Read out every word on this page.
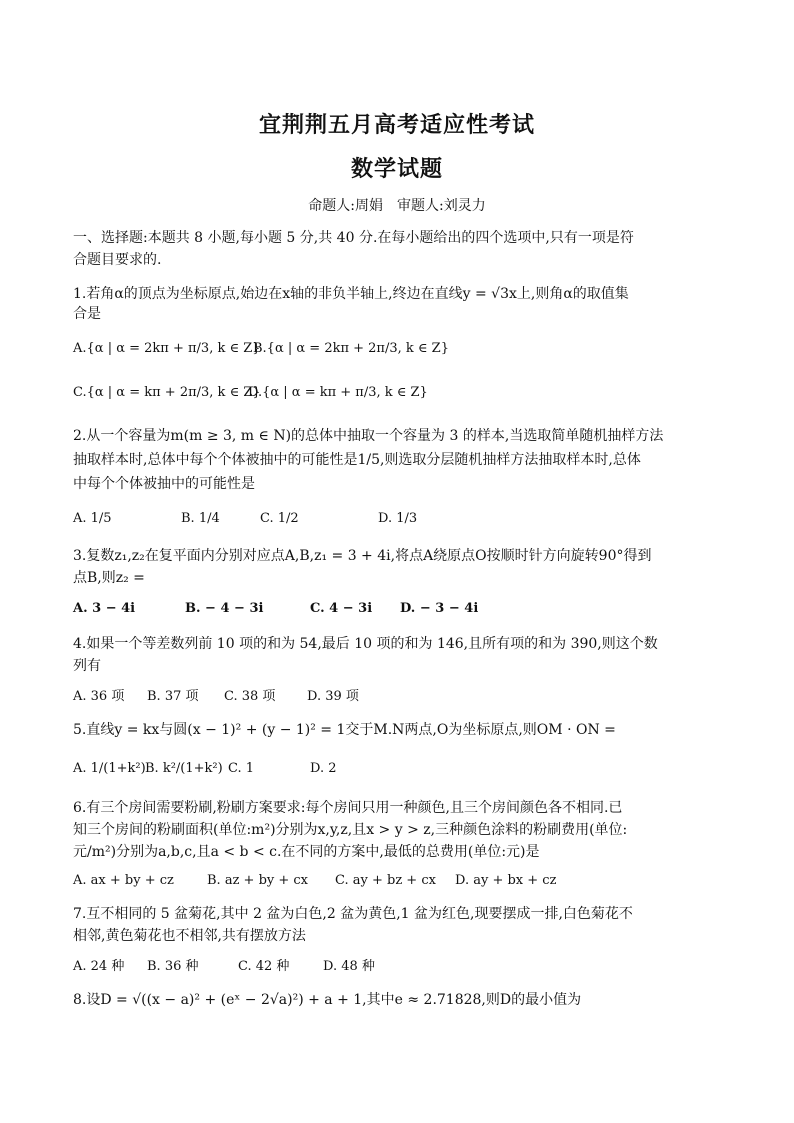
宜荆荆五月高考适应性考试
数学试题
命题人:周娟　审题人:刘灵力
一、选择题:本题共 8 小题,每小题 5 分,共 40 分.在每小题给出的四个选项中,只有一项是符
合题目要求的.
1.若角α的顶点为坐标原点,始边在x轴的非负半轴上,终边在直线y = √3x上,则角α的取值集
合是
A.{α | α = 2kπ + π/3, k ∈ Z}
B.{α | α = 2kπ + 2π/3, k ∈ Z}
C.{α | α = kπ + 2π/3, k ∈ Z}
D.{α | α = kπ + π/3, k ∈ Z}
2.从一个容量为m(m ≥ 3, m ∈ N)的总体中抽取一个容量为 3 的样本,当选取简单随机抽样方法
抽取样本时,总体中每个个体被抽中的可能性是1/5,则选取分层随机抽样方法抽取样本时,总体
中每个个体被抽中的可能性是
A. 1/5	B. 1/4	C. 1/2	D. 1/3
3.复数z₁,z₂在复平面内分别对应点A,B,z₁ = 3 + 4i,将点A绕原点O按顺时针方向旋转90°得到
点B,则z₂ =
A. 3 − 4i	B. − 4 − 3i	C. 4 − 3i D. − 3 − 4i
4.如果一个等差数列前 10 项的和为 54,最后 10 项的和为 146,且所有项的和为 390,则这个数
列有
A. 36 项 B. 37 项 C. 38 项 D. 39 项
5.直线y = kx与圆(x − 1)² + (y − 1)² = 1交于M.N两点,O为坐标原点,则OM · ON =
A. 1/(1+k²) B. k²/(1+k²) C. 1	D. 2
6.有三个房间需要粉刷,粉刷方案要求:每个房间只用一种颜色,且三个房间颜色各不相同.已
知三个房间的粉刷面积(单位:m²)分别为x,y,z,且x > y > z,三种颜色涂料的粉刷费用(单位:
元/m²)分别为a,b,c,且a < b < c.在不同的方案中,最低的总费用(单位:元)是
A. ax + by + cz	B. az + by + cx C. ay + bz + cx D. ay + bx + cz
7.互不相同的 5 盆菊花,其中 2 盆为白色,2 盆为黄色,1 盆为红色,现要摆成一排,白色菊花不
相邻,黄色菊花也不相邻,共有摆放方法
A. 24 种 B. 36 种	C. 42 种	D. 48 种
8.设D = √((x − a)² + (eˣ − 2√a)²) + a + 1,其中e ≈ 2.71828,则D的最小值为
